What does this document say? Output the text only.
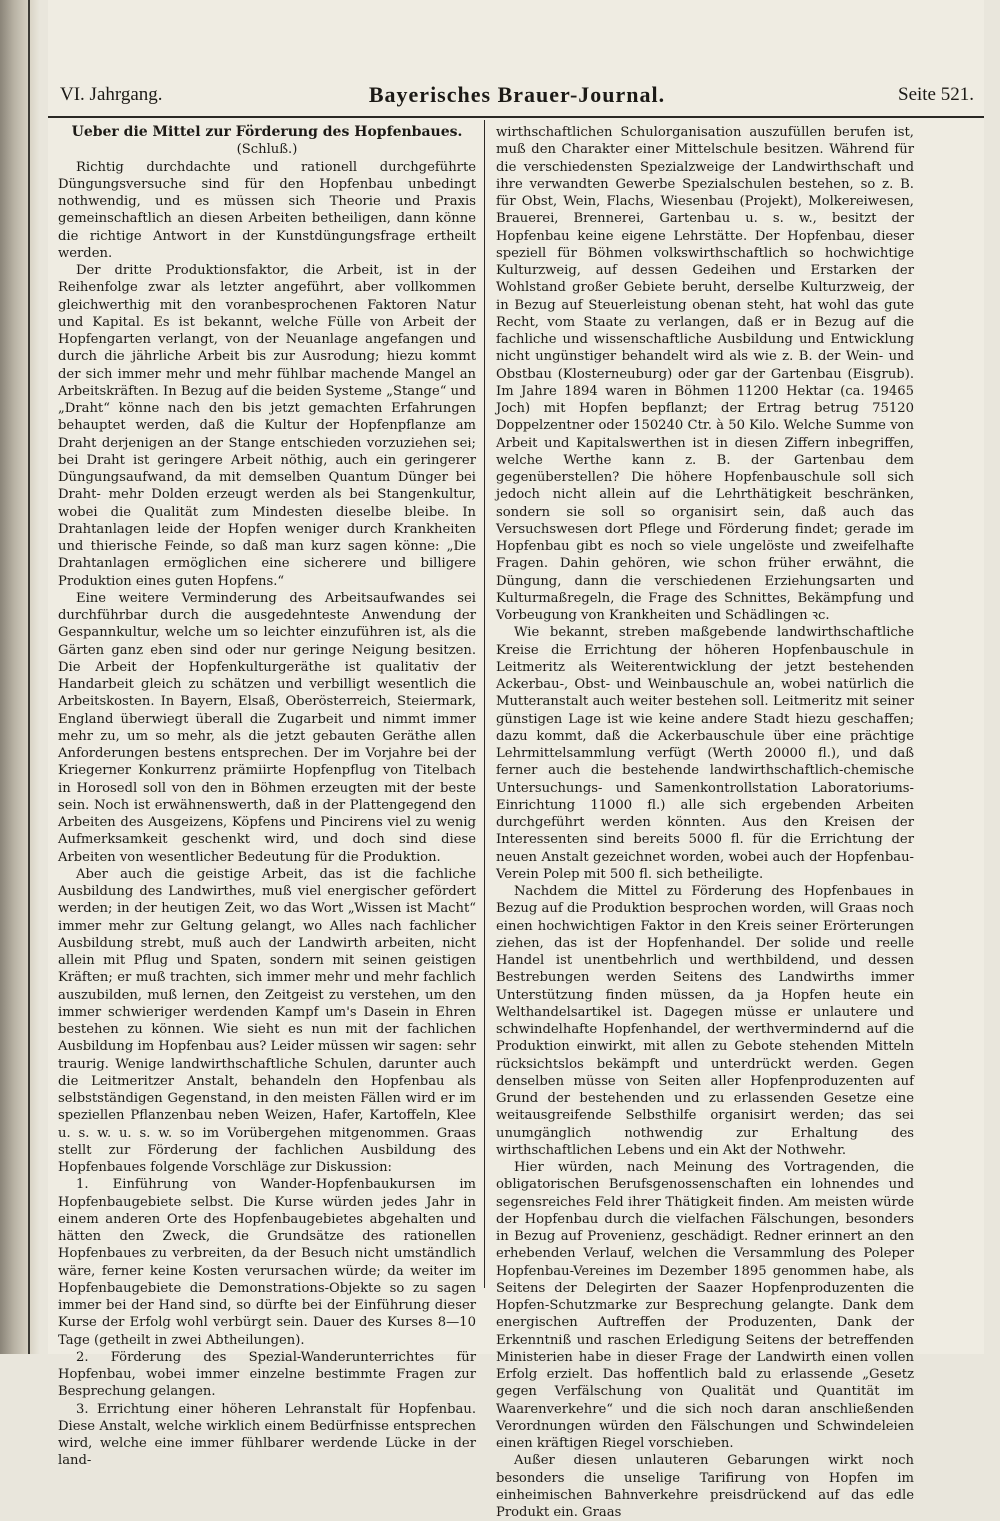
VI. Jahrgang.	Bayerisches Brauer-Journal.	Seite 521.

Ueber die Mittel zur Förderung des Hopfenbaues.

(Schluß.)

Richtig durchdachte und rationell durchgeführte Düngungsversuche sind für den Hopfenbau unbedingt nothwendig, und es müssen sich Theorie und Praxis gemeinschaftlich an diesen Arbeiten betheiligen, dann könne die richtige Antwort in der Kunstdüngungsfrage ertheilt werden.

Der dritte Produktionsfaktor, die Arbeit, ist in der Reihenfolge zwar als letzter angeführt, aber vollkommen gleichwerthig mit den voranbesprochenen Faktoren Natur und Kapital. Es ist bekannt, welche Fülle von Arbeit der Hopfengarten verlangt, von der Neuanlage angefangen und durch die jährliche Arbeit bis zur Ausrodung; hiezu kommt der sich immer mehr und mehr fühlbar machende Mangel an Arbeitskräften. In Bezug auf die beiden Systeme „Stange“ und „Draht“ könne nach den bis jetzt gemachten Erfahrungen behauptet werden, daß die Kultur der Hopfenpflanze am Draht derjenigen an der Stange entschieden vorzuziehen sei; bei Draht ist geringere Arbeit nöthig, auch ein geringerer Düngungsaufwand, da mit demselben Quantum Dünger bei Draht- mehr Dolden erzeugt werden als bei Stangenkultur, wobei die Qualität zum Mindesten dieselbe bleibe. In Drahtanlagen leide der Hopfen weniger durch Krankheiten und thierische Feinde, so daß man kurz sagen könne: „Die Drahtanlagen ermöglichen eine sicherere und billigere Produktion eines guten Hopfens.“

Eine weitere Verminderung des Arbeitsaufwandes sei durchführbar durch die ausgedehnteste Anwendung der Gespannkultur, welche um so leichter einzuführen ist, als die Gärten ganz eben sind oder nur geringe Neigung besitzen. Die Arbeit der Hopfenkulturgeräthe ist qualitativ der Handarbeit gleich zu schätzen und verbilligt wesentlich die Arbeitskosten. In Bayern, Elsaß, Oberösterreich, Steiermark, England überwiegt überall die Zugarbeit und nimmt immer mehr zu, um so mehr, als die jetzt gebauten Geräthe allen Anforderungen bestens entsprechen. Der im Vorjahre bei der Kriegerner Konkurrenz prämiirte Hopfenpflug von Titelbach in Horosedl soll von den in Böhmen erzeugten mit der beste sein. Noch ist erwähnenswerth, daß in der Plattengegend den Arbeiten des Ausgeizens, Köpfens und Pincirens viel zu wenig Aufmerksamkeit geschenkt wird, und doch sind diese Arbeiten von wesentlicher Bedeutung für die Produktion.

Aber auch die geistige Arbeit, das ist die fachliche Ausbildung des Landwirthes, muß viel energischer gefördert werden; in der heutigen Zeit, wo das Wort „Wissen ist Macht“ immer mehr zur Geltung gelangt, wo Alles nach fachlicher Ausbildung strebt, muß auch der Landwirth arbeiten, nicht allein mit Pflug und Spaten, sondern mit seinen geistigen Kräften; er muß trachten, sich immer mehr und mehr fachlich auszubilden, muß lernen, den Zeitgeist zu verstehen, um den immer schwieriger werdenden Kampf um's Dasein in Ehren bestehen zu können. Wie sieht es nun mit der fachlichen Ausbildung im Hopfenbau aus? Leider müssen wir sagen: sehr traurig. Wenige landwirthschaftliche Schulen, darunter auch die Leitmeritzer Anstalt, behandeln den Hopfenbau als selbstständigen Gegenstand, in den meisten Fällen wird er im speziellen Pflanzenbau neben Weizen, Hafer, Kartoffeln, Klee u. s. w. u. s. w. so im Vorübergehen mitgenommen. Graas stellt zur Förderung der fachlichen Ausbildung des Hopfenbaues folgende Vorschläge zur Diskussion:

1. Einführung von Wander-Hopfenbaukursen im Hopfenbaugebiete selbst. Die Kurse würden jedes Jahr in einem anderen Orte des Hopfenbaugebietes abgehalten und hätten den Zweck, die Grundsätze des rationellen Hopfenbaues zu verbreiten, da der Besuch nicht umständlich wäre, ferner keine Kosten verursachen würde; da weiter im Hopfenbaugebiete die Demonstrations-Objekte so zu sagen immer bei der Hand sind, so dürfte bei der Einführung dieser Kurse der Erfolg wohl verbürgt sein. Dauer des Kurses 8—10 Tage (getheilt in zwei Abtheilungen).

2. Förderung des Spezial-Wanderunterrichtes für Hopfenbau, wobei immer einzelne bestimmte Fragen zur Besprechung gelangen.

3. Errichtung einer höheren Lehranstalt für Hopfenbau. Diese Anstalt, welche wirklich einem Bedürfnisse entsprechen wird, welche eine immer fühlbarer werdende Lücke in der land-

wirthschaftlichen Schulorganisation auszufüllen berufen ist, muß den Charakter einer Mittelschule besitzen. Während für die verschiedensten Spezialzweige der Landwirthschaft und ihre verwandten Gewerbe Spezialschulen bestehen, so z. B. für Obst, Wein, Flachs, Wiesenbau (Projekt), Molkereiwesen, Brauerei, Brennerei, Gartenbau u. s. w., besitzt der Hopfenbau keine eigene Lehrstätte. Der Hopfenbau, dieser speziell für Böhmen volkswirthschaftlich so hochwichtige Kulturzweig, auf dessen Gedeihen und Erstarken der Wohlstand großer Gebiete beruht, derselbe Kulturzweig, der in Bezug auf Steuerleistung obenan steht, hat wohl das gute Recht, vom Staate zu verlangen, daß er in Bezug auf die fachliche und wissenschaftliche Ausbildung und Entwicklung nicht ungünstiger behandelt wird als wie z. B. der Wein- und Obstbau (Klosterneuburg) oder gar der Gartenbau (Eisgrub). Im Jahre 1894 waren in Böhmen 11200 Hektar (ca. 19465 Joch) mit Hopfen bepflanzt; der Ertrag betrug 75120 Doppelzentner oder 150240 Ctr. à 50 Kilo. Welche Summe von Arbeit und Kapitalswerthen ist in diesen Ziffern inbegriffen, welche Werthe kann z. B. der Gartenbau dem gegenüberstellen? Die höhere Hopfenbauschule soll sich jedoch nicht allein auf die Lehrthätigkeit beschränken, sondern sie soll so organisirt sein, daß auch das Versuchswesen dort Pflege und Förderung findet; gerade im Hopfenbau gibt es noch so viele ungelöste und zweifelhafte Fragen. Dahin gehören, wie schon früher erwähnt, die Düngung, dann die verschiedenen Erziehungsarten und Kulturmaßregeln, die Frage des Schnittes, Bekämpfung und Vorbeugung von Krankheiten und Schädlingen ꝛc.

Wie bekannt, streben maßgebende landwirthschaftliche Kreise die Errichtung der höheren Hopfenbauschule in Leitmeritz als Weiterentwicklung der jetzt bestehenden Ackerbau-, Obst- und Weinbauschule an, wobei natürlich die Mutteranstalt auch weiter bestehen soll. Leitmeritz mit seiner günstigen Lage ist wie keine andere Stadt hiezu geschaffen; dazu kommt, daß die Ackerbauschule über eine prächtige Lehrmittelsammlung verfügt (Werth 20000 fl.), und daß ferner auch die bestehende landwirthschaftlich-chemische Untersuchungs- und Samenkontrollstation Laboratoriums-Einrichtung 11000 fl.) alle sich ergebenden Arbeiten durchgeführt werden könnten. Aus den Kreisen der Interessenten sind bereits 5000 fl. für die Errichtung der neuen Anstalt gezeichnet worden, wobei auch der Hopfenbau-Verein Polep mit 500 fl. sich betheiligte.

Nachdem die Mittel zu Förderung des Hopfenbaues in Bezug auf die Produktion besprochen worden, will Graas noch einen hochwichtigen Faktor in den Kreis seiner Erörterungen ziehen, das ist der Hopfenhandel. Der solide und reelle Handel ist unentbehrlich und werthbildend, und dessen Bestrebungen werden Seitens des Landwirths immer Unterstützung finden müssen, da ja Hopfen heute ein Welthandelsartikel ist. Dagegen müsse er unlautere und schwindelhafte Hopfenhandel, der werthvermindernd auf die Produktion einwirkt, mit allen zu Gebote stehenden Mitteln rücksichtslos bekämpft und unterdrückt werden. Gegen denselben müsse von Seiten aller Hopfenproduzenten auf Grund der bestehenden und zu erlassenden Gesetze eine weitausgreifende Selbsthilfe organisirt werden; das sei unumgänglich nothwendig zur Erhaltung des wirthschaftlichen Lebens und ein Akt der Nothwehr.

Hier würden, nach Meinung des Vortragenden, die obligatorischen Berufsgenossenschaften ein lohnendes und segensreiches Feld ihrer Thätigkeit finden. Am meisten würde der Hopfenbau durch die vielfachen Fälschungen, besonders in Bezug auf Provenienz, geschädigt. Redner erinnert an den erhebenden Verlauf, welchen die Versammlung des Poleper Hopfenbau-Vereines im Dezember 1895 genommen habe, als Seitens der Delegirten der Saazer Hopfenproduzenten die Hopfen-Schutzmarke zur Besprechung gelangte. Dank dem energischen Auftreffen der Produzenten, Dank der Erkenntniß und raschen Erledigung Seitens der betreffenden Ministerien habe in dieser Frage der Landwirth einen vollen Erfolg erzielt. Das hoffentlich bald zu erlassende „Gesetz gegen Verfälschung von Qualität und Quantität im Waarenverkehre“ und die sich noch daran anschließenden Verordnungen würden den Fälschungen und Schwindeleien einen kräftigen Riegel vorschieben.

Außer diesen unlauteren Gebarungen wirkt noch besonders die unselige Tarifirung von Hopfen im einheimischen Bahnverkehre preisdrückend auf das edle Produkt ein. Graas
